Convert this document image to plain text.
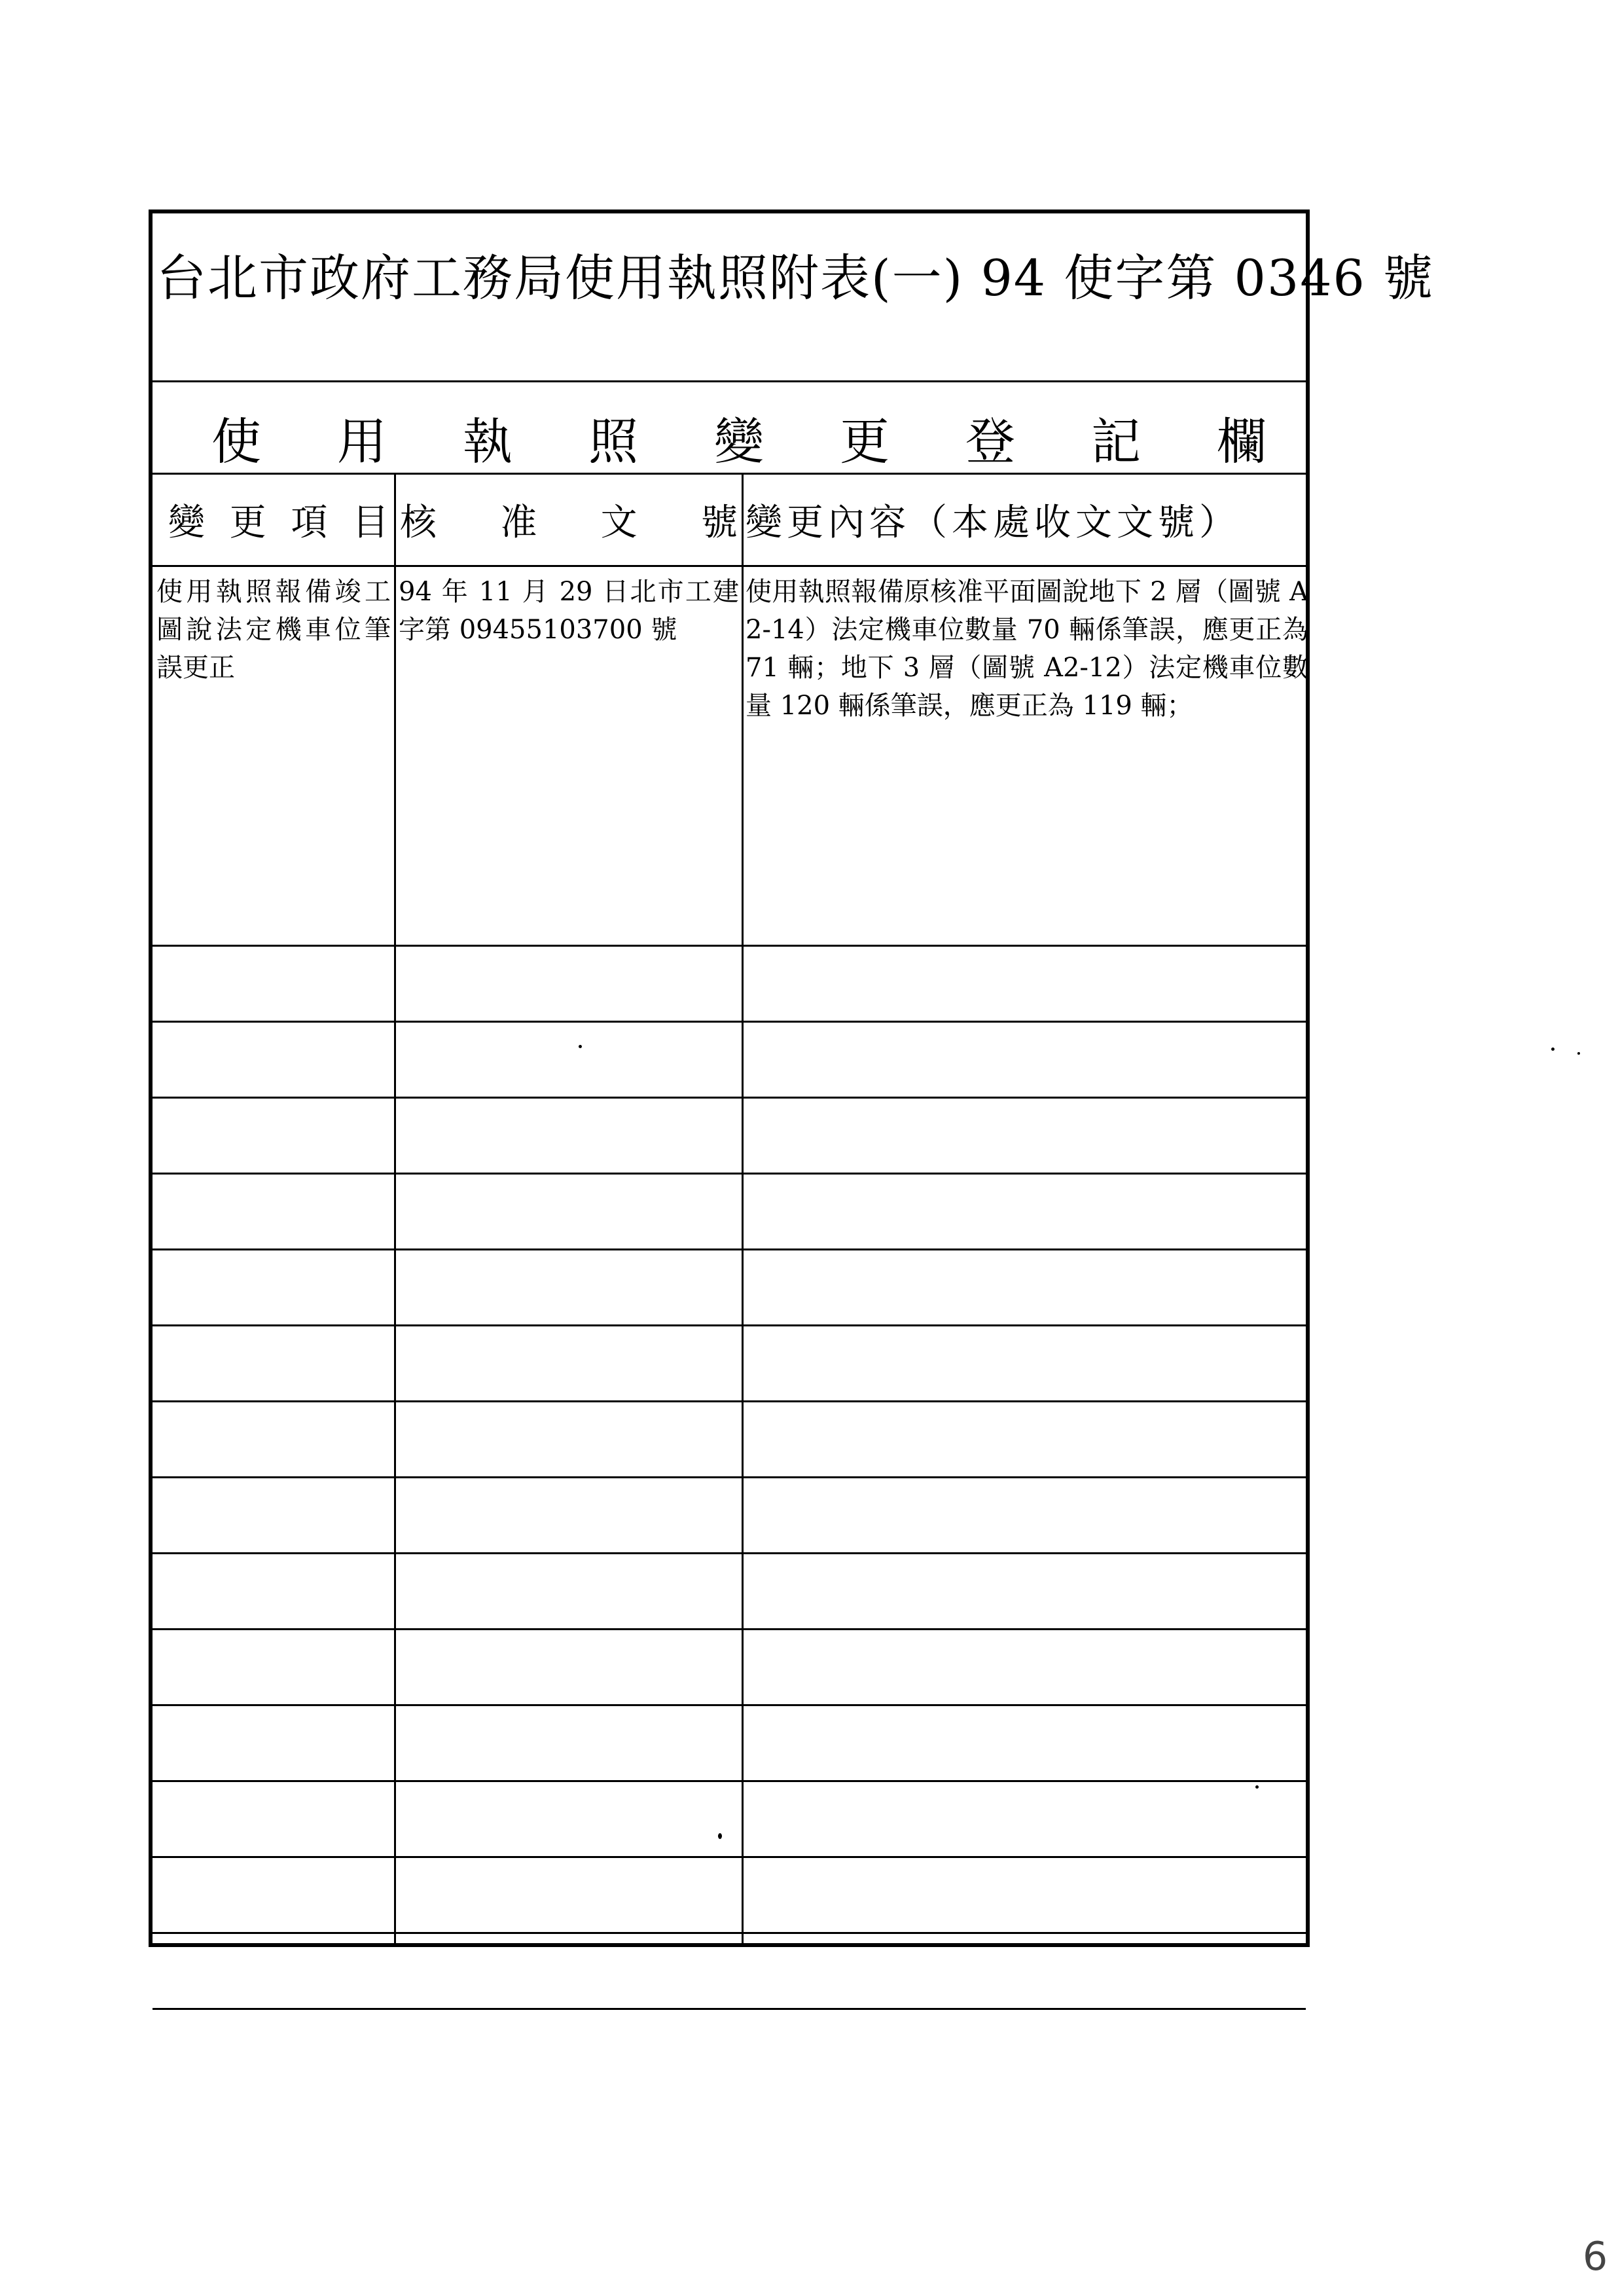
台北市政府工務局使用執照附表(一) 94 使字第 0346 號
使 用 執 照 變 更 登 記 欄
變 更 項 目 核 准 文 號 變更內容（本處收文文號）
使用執照報備竣工圖說法定機車位筆誤更正
94 年 11 月 29 日北市工建字第 09455103700 號
使用執照報備原核准平面圖說地下 2 層（圖號 A2-14）法定機車位數量 70 輛係筆誤，應更正為 71 輛；地下 3 層（圖號 A2-12）法定機車位數量 120 輛係筆誤，應更正為 119 輛；
6
